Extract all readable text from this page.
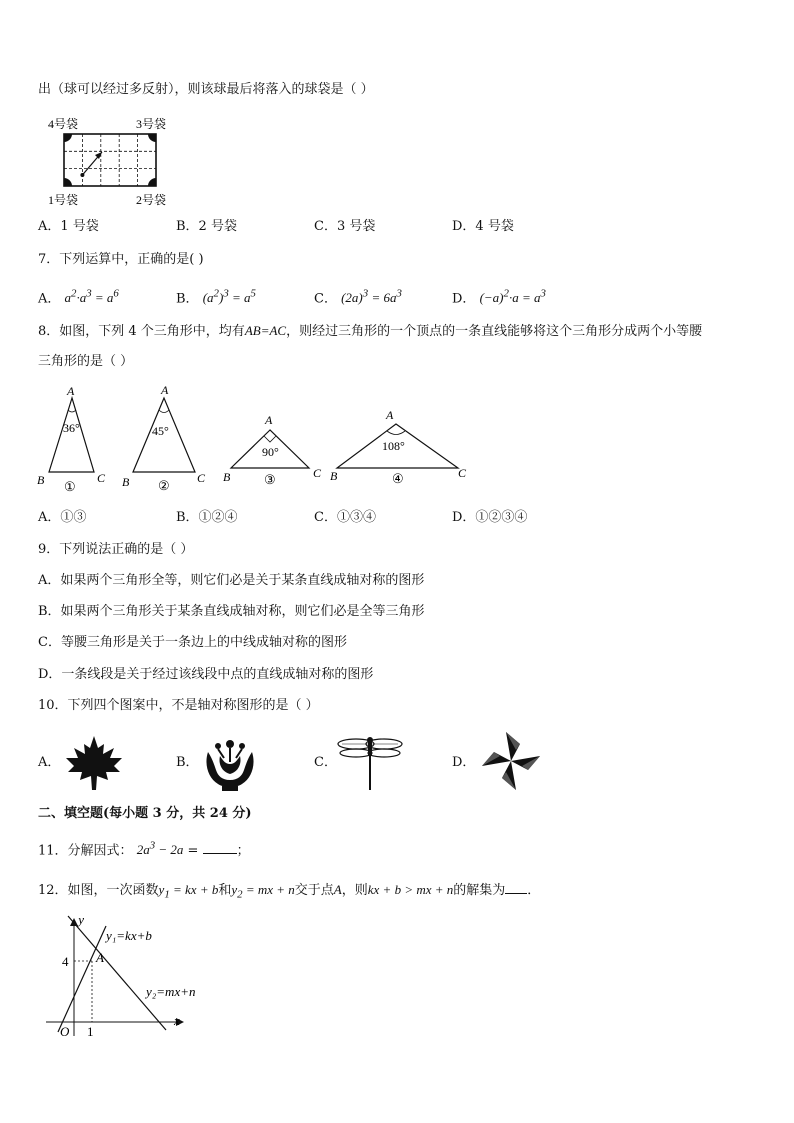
出（球可以经过多反射），则该球最后将落入的球袋是（ ）
4号袋	3号袋
1号袋	2号袋
A．1 号袋	B．2 号袋	C．3 号袋	D．4 号袋
7．下列运算中，正确的是( )
A． $a^2\cdot a^3 = a^6$	B． $(a^2)^3 = a^5$	C． $(2a)^3 = 6a^3$	D． $(-a)^2\cdot a = a^3$
8．如图，下列 4 个三角形中，均有AB=AC，则经过三角形的一个顶点的一条直线能够将这个三角形分成两个小等腰
三角形的是（ ）
A
36°
B	C
①
A
45°
B	C
②
A
90°
B	C
③
A
108°
B	C
④
A．①③	B．①②④	C．①③④	D．①②③④
9．下列说法正确的是（ ）
A．如果两个三角形全等，则它们必是关于某条直线成轴对称的图形
B．如果两个三角形关于某条直线成轴对称，则它们必是全等三角形
C．等腰三角形是关于一条边上的中线成轴对称的图形
D．一条线段是关于经过该线段中点的直线成轴对称的图形
10．下列四个图案中，不是轴对称图形的是（ ）
A．	B．	C．	D．
二、填空题(每小题 3 分，共 24 分)
11．分解因式： $2a^3 - 2a$ =	；
12．如图，一次函数$y_1$ = kx + b和$y_2$ = mx + n交于点A，则kx + b > mx + n的解集为 ．
y
x
O
4
1
A
y₁=kx+b
y₂=mx+n
